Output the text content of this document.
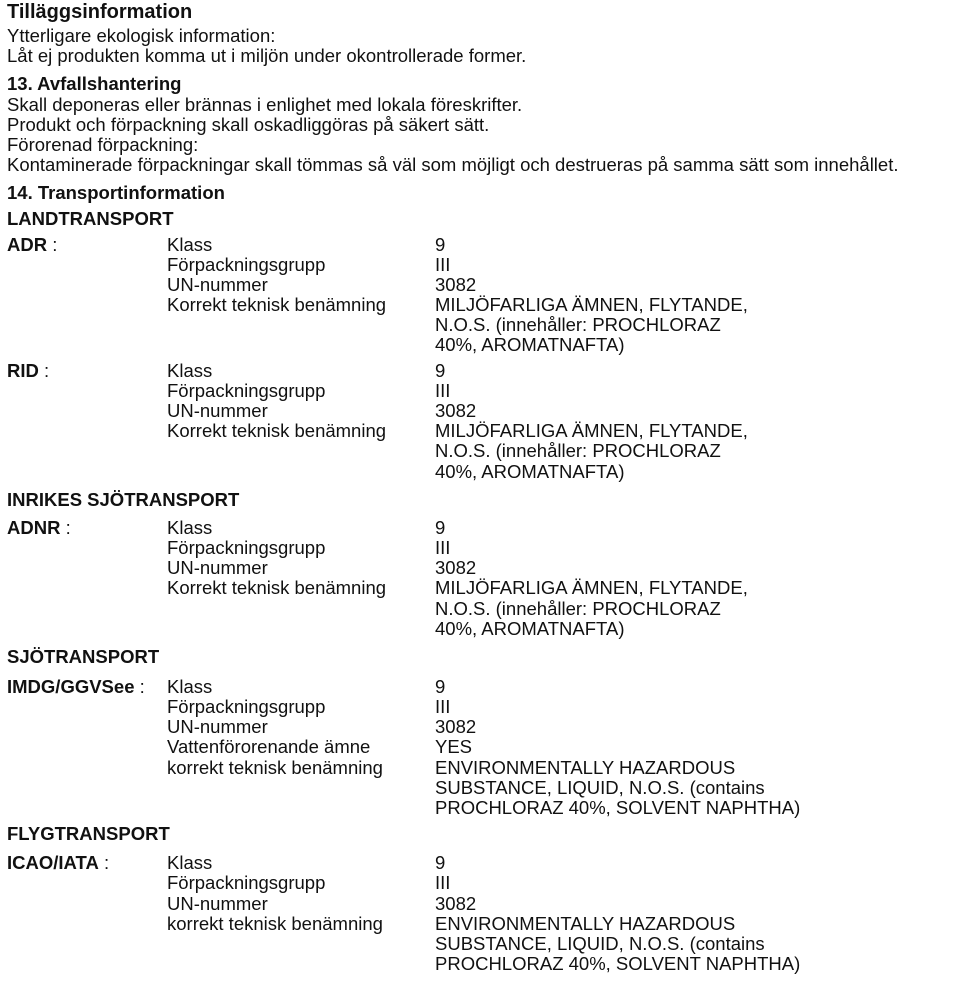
Tilläggsinformation
Ytterligare ekologisk information:
Låt ej produkten komma ut i miljön under okontrollerade former.
13. Avfallshantering
Skall deponeras eller brännas i enlighet med lokala föreskrifter.
Produkt och förpackning skall oskadliggöras på säkert sätt.
Förorenad förpackning:
Kontaminerade förpackningar skall tömmas så väl som möjligt och destrueras på samma sätt som innehållet.
14. Transportinformation
LANDTRANSPORT
ADR :	Klass	9
Förpackningsgrupp	III
UN-nummer	3082
Korrekt teknisk benämning	MILJÖFARLIGA ÄMNEN, FLYTANDE,
N.O.S. (innehåller: PROCHLORAZ
40%, AROMATNAFTA)
RID :	Klass	9
Förpackningsgrupp	III
UN-nummer	3082
Korrekt teknisk benämning	MILJÖFARLIGA ÄMNEN, FLYTANDE,
N.O.S. (innehåller: PROCHLORAZ
40%, AROMATNAFTA)
INRIKES SJÖTRANSPORT
ADNR :	Klass	9
Förpackningsgrupp	III
UN-nummer	3082
Korrekt teknisk benämning	MILJÖFARLIGA ÄMNEN, FLYTANDE,
N.O.S. (innehåller: PROCHLORAZ
40%, AROMATNAFTA)
SJÖTRANSPORT
IMDG/GGVSee :	Klass	9
Förpackningsgrupp	III
UN-nummer	3082
Vattenförorenande ämne	YES
korrekt teknisk benämning	ENVIRONMENTALLY HAZARDOUS
SUBSTANCE, LIQUID, N.O.S. (contains
PROCHLORAZ 40%, SOLVENT NAPHTHA)
FLYGTRANSPORT
ICAO/IATA :	Klass	9
Förpackningsgrupp	III
UN-nummer	3082
korrekt teknisk benämning	ENVIRONMENTALLY HAZARDOUS
SUBSTANCE, LIQUID, N.O.S. (contains
PROCHLORAZ 40%, SOLVENT NAPHTHA)
